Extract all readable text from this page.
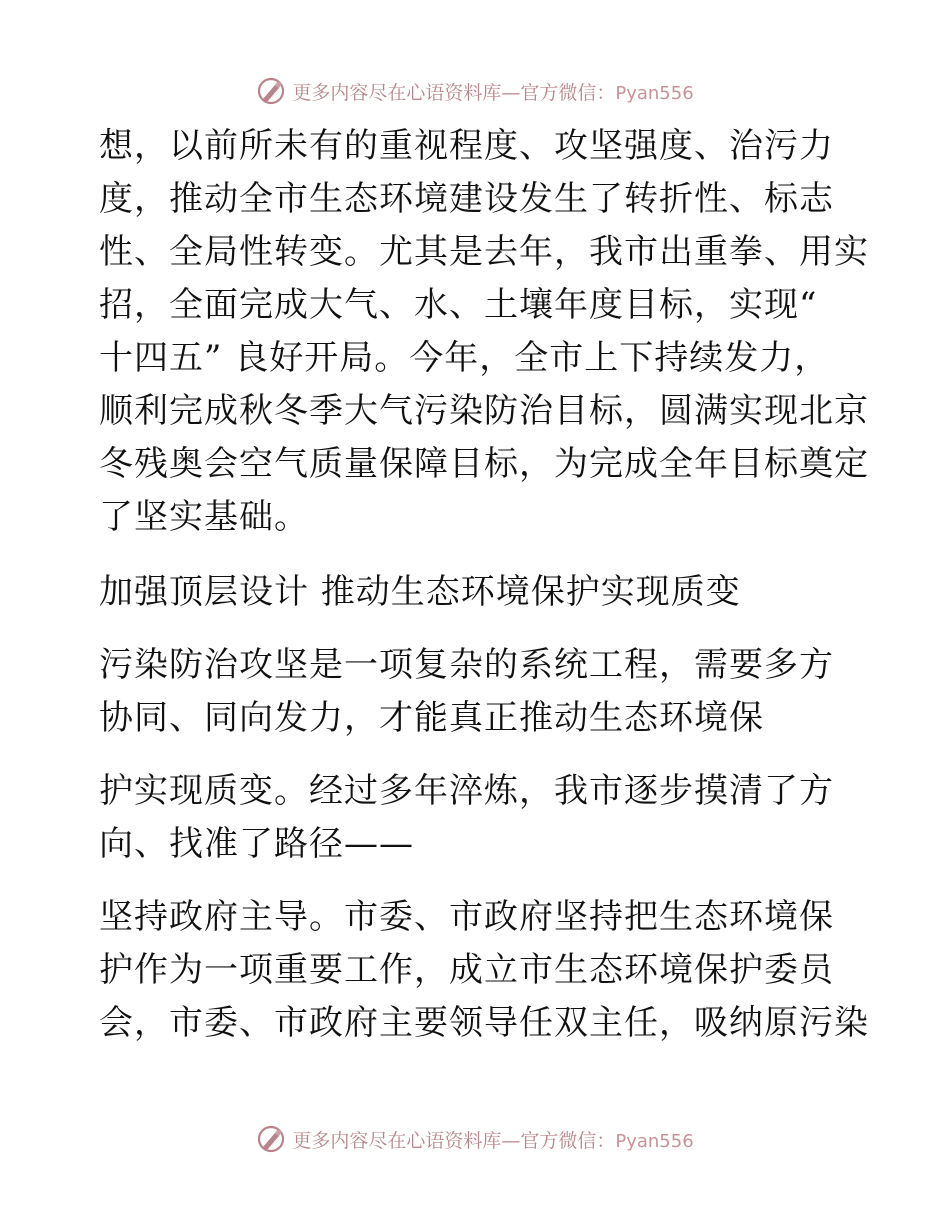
更多内容尽在心语资料库—官方微信：Pyan556
想，以前所未有的重视程度、攻坚强度、治污力
度，推动全市生态环境建设发生了转折性、标志
性、全局性转变。尤其是去年，我市出重拳、用实
招，全面完成大气、水、土壤年度目标，实现“
十四五” 良好开局。今年，全市上下持续发力，
顺利完成秋冬季大气污染防治目标，圆满实现北京
冬残奥会空气质量保障目标，为完成全年目标奠定
了坚实基础。
加强顶层设计 推动生态环境保护实现质变
污染防治攻坚是一项复杂的系统工程，需要多方
协同、同向发力，才能真正推动生态环境保
护实现质变。经过多年淬炼，我市逐步摸清了方
向、找准了路径——
坚持政府主导。市委、市政府坚持把生态环境保
护作为一项重要工作，成立市生态环境保护委员
会，市委、市政府主要领导任双主任，吸纳原污染
更多内容尽在心语资料库—官方微信：Pyan556
